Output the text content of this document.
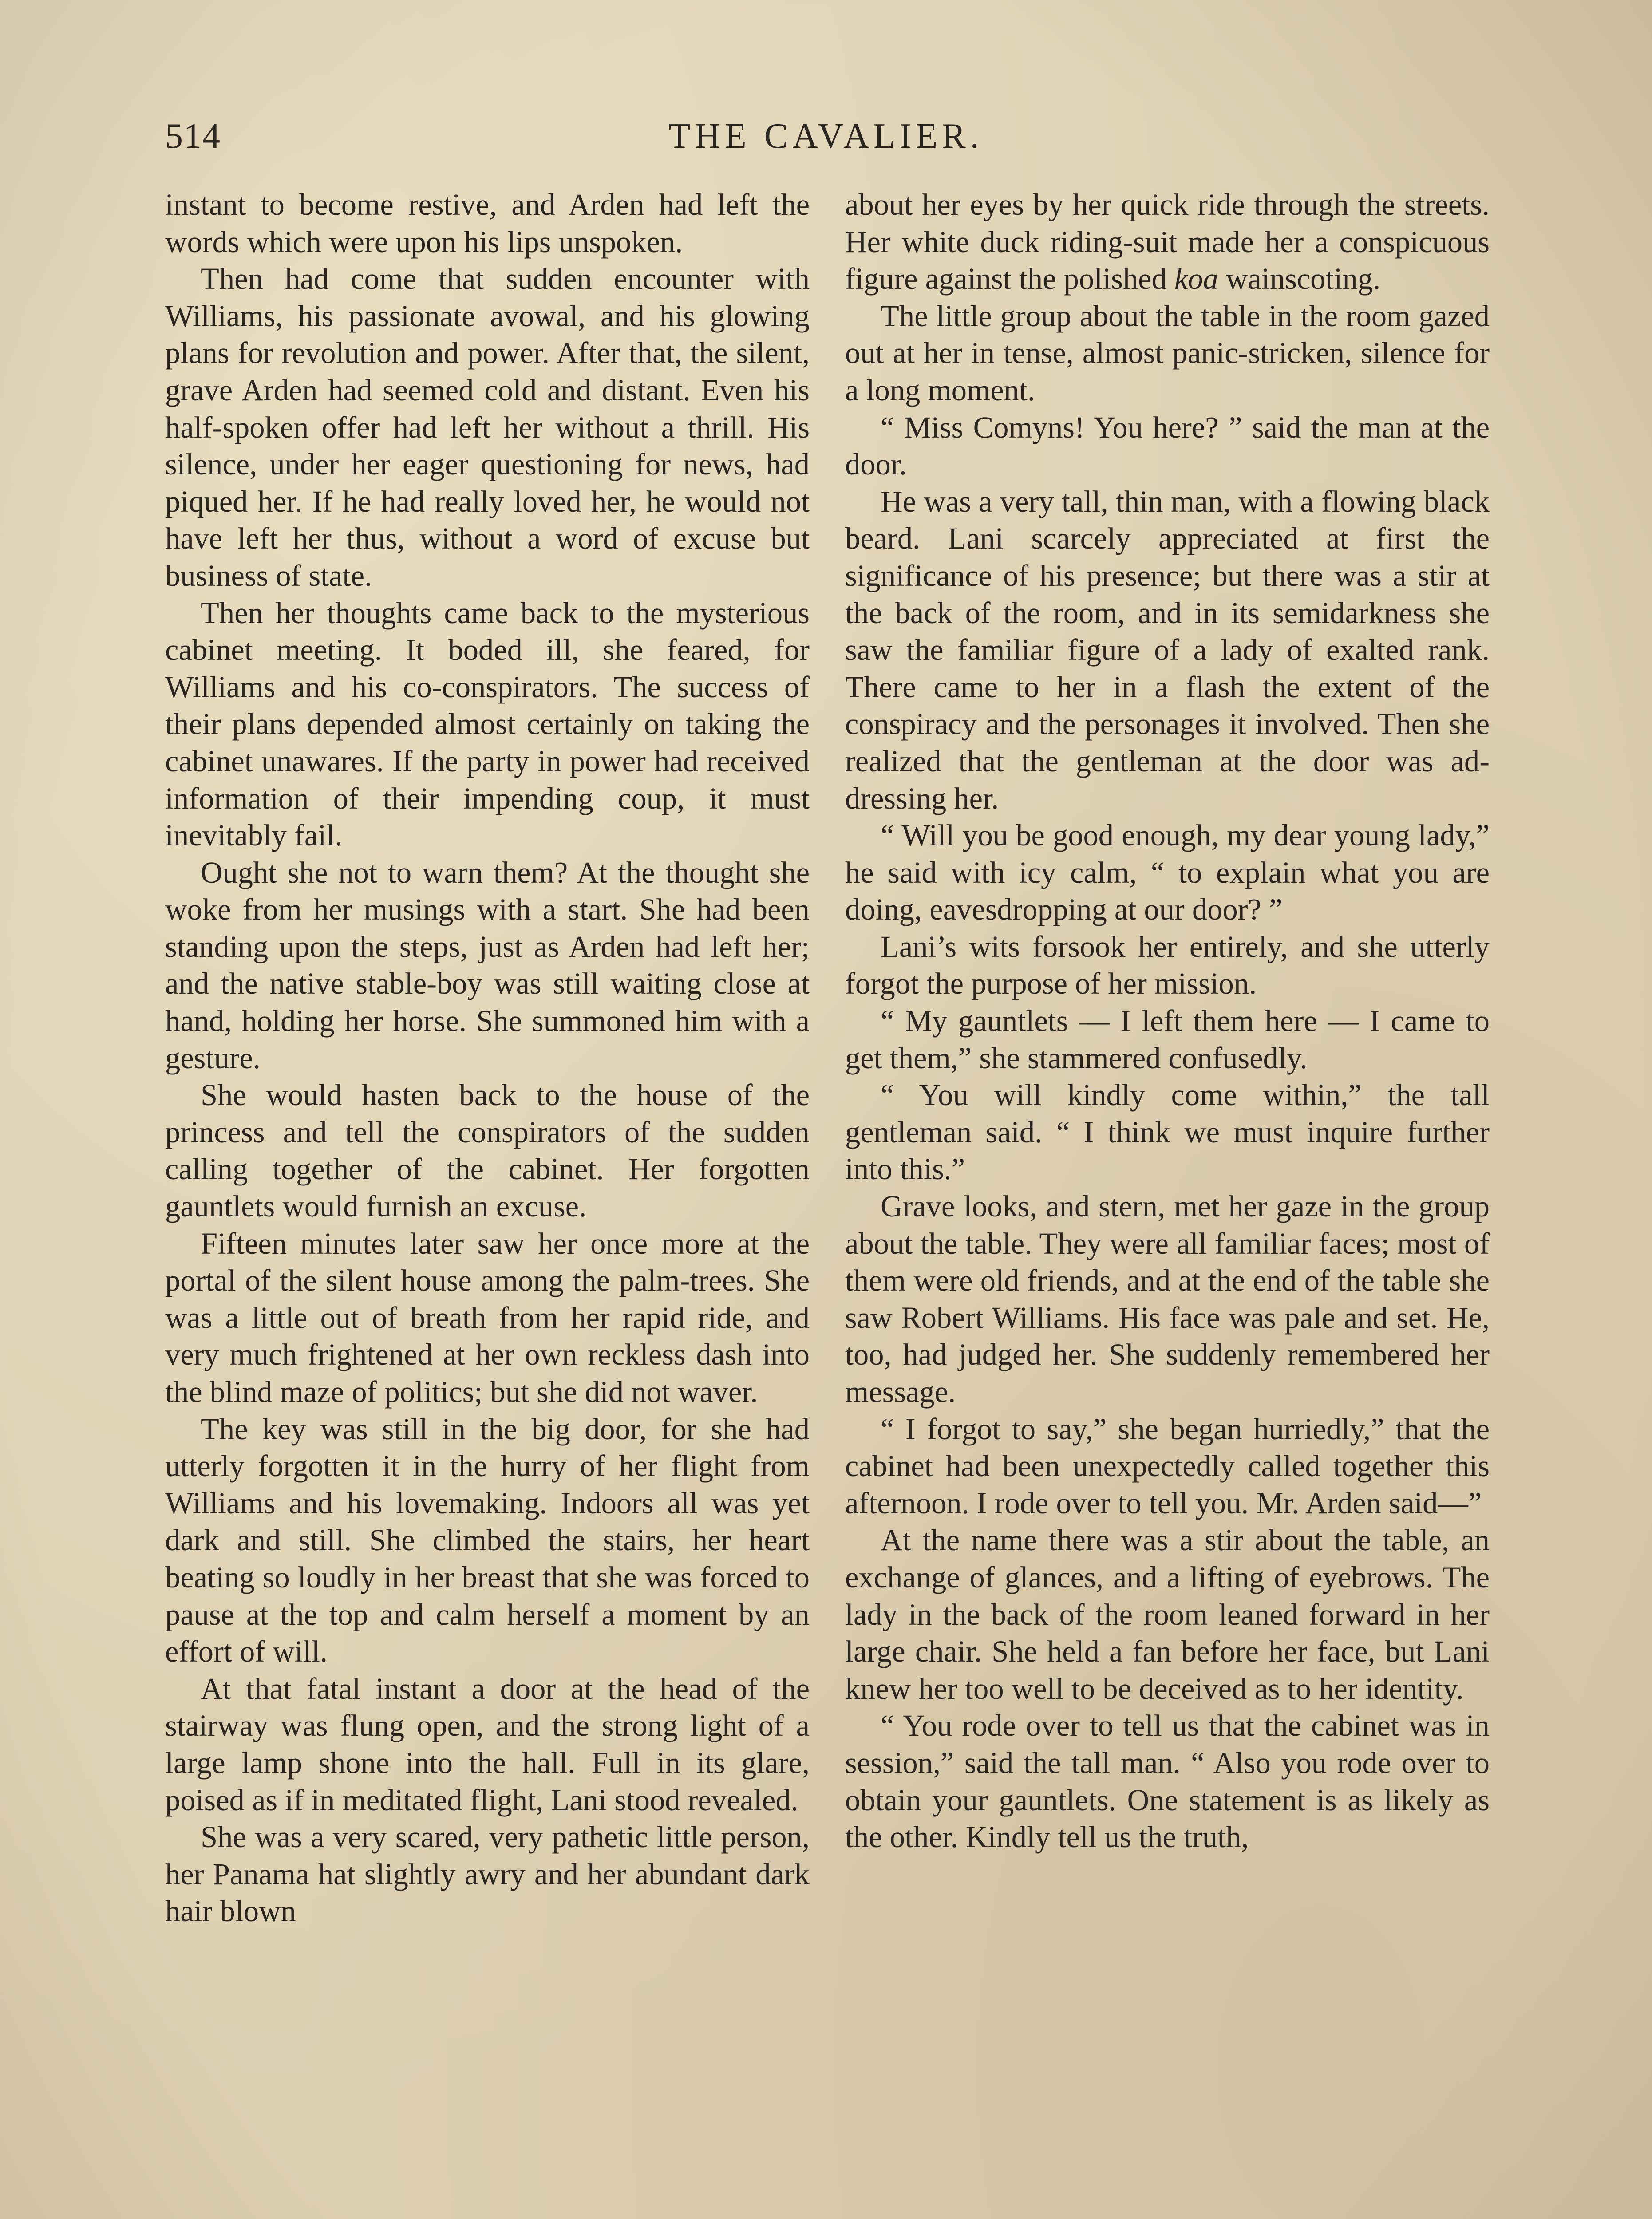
514	THE CAVALIER.

instant to become restive, and Arden had left the words which were upon his lips unspoken.

Then had come that sudden encounter with Williams, his passionate avowal, and his glowing plans for revolution and power. After that, the silent, grave Arden had seemed cold and distant. Even his half-spoken offer had left her without a thrill. His silence, under her eager questioning for news, had piqued her. If he had really loved her, he would not have left her thus, without a word of excuse but business of state.

Then her thoughts came back to the mysterious cabinet meeting. It boded ill, she feared, for Williams and his co-conspirators. The success of their plans depended almost certainly on taking the cabinet unawares. If the party in power had received information of their impending coup, it must inevitably fail.

Ought she not to warn them? At the thought she woke from her musings with a start. She had been standing upon the steps, just as Arden had left her; and the native stable-boy was still waiting close at hand, holding her horse. She summoned him with a gesture.

She would hasten back to the house of the princess and tell the conspirators of the sudden calling together of the cabinet. Her forgotten gauntlets would furnish an excuse.

Fifteen minutes later saw her once more at the portal of the silent house among the palm-trees. She was a little out of breath from her rapid ride, and very much frightened at her own reckless dash into the blind maze of politics; but she did not waver.

The key was still in the big door, for she had utterly forgotten it in the hurry of her flight from Williams and his lovemaking. Indoors all was yet dark and still. She climbed the stairs, her heart beating so loudly in her breast that she was forced to pause at the top and calm herself a moment by an effort of will.

At that fatal instant a door at the head of the stairway was flung open, and the strong light of a large lamp shone into the hall. Full in its glare, poised as if in meditated flight, Lani stood revealed.

She was a very scared, very pathetic little person, her Panama hat slightly awry and her abundant dark hair blown

about her eyes by her quick ride through the streets. Her white duck riding-suit made her a conspicuous figure against the polished koa wainscoting.

The little group about the table in the room gazed out at her in tense, almost panic-stricken, silence for a long moment.

“ Miss Comyns! You here? ” said the man at the door.

He was a very tall, thin man, with a flowing black beard. Lani scarcely appreciated at first the significance of his presence; but there was a stir at the back of the room, and in its semidarkness she saw the familiar figure of a lady of exalted rank. There came to her in a flash the extent of the conspiracy and the personages it involved. Then she realized that the gentleman at the door was addressing her.

“ Will you be good enough, my dear young lady,” he said with icy calm, “ to explain what you are doing, eavesdropping at our door? ”

Lani’s wits forsook her entirely, and she utterly forgot the purpose of her mission.

“ My gauntlets — I left them here — I came to get them,” she stammered confusedly.

“ You will kindly come within,” the tall gentleman said. “ I think we must inquire further into this.”

Grave looks, and stern, met her gaze in the group about the table. They were all familiar faces; most of them were old friends, and at the end of the table she saw Robert Williams. His face was pale and set. He, too, had judged her. She suddenly remembered her message.

“ I forgot to say,” she began hurriedly,” that the cabinet had been unexpectedly called together this afternoon. I rode over to tell you. Mr. Arden said—”

At the name there was a stir about the table, an exchange of glances, and a lifting of eyebrows. The lady in the back of the room leaned forward in her large chair. She held a fan before her face, but Lani knew her too well to be deceived as to her identity.

“ You rode over to tell us that the cabinet was in session,” said the tall man. “ Also you rode over to obtain your gauntlets. One statement is as likely as the other. Kindly tell us the truth,
